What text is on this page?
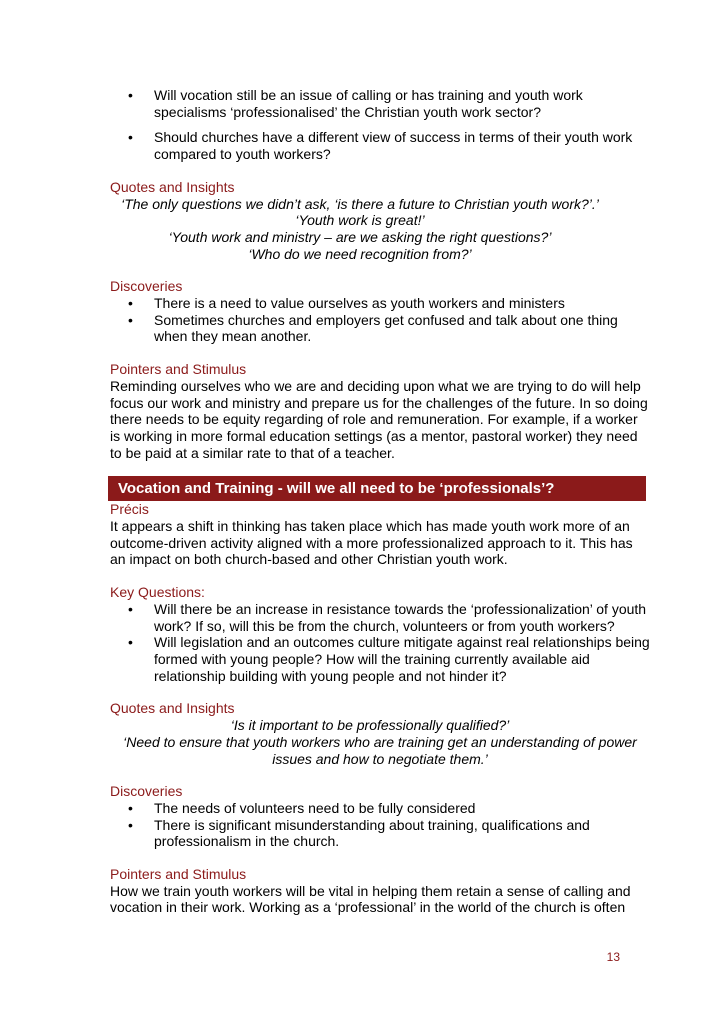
• Will vocation still be an issue of calling or has training and youth work specialisms ‘professionalised’ the Christian youth work sector?
• Should churches have a different view of success in terms of their youth work compared to youth workers?
Quotes and Insights
‘The only questions we didn’t ask, ‘is there a future to Christian youth work?’.’
‘Youth work is great!’
‘Youth work and ministry – are we asking the right questions?’
‘Who do we need recognition from?’
Discoveries
• There is a need to value ourselves as youth workers and ministers
• Sometimes churches and employers get confused and talk about one thing when they mean another.
Pointers and Stimulus

Reminding ourselves who we are and deciding upon what we are trying to do will help focus our work and ministry and prepare us for the challenges of the future. In so doing there needs to be equity regarding of role and remuneration. For example, if a worker is working in more formal education settings (as a mentor, pastoral worker) they need to be paid at a similar rate to that of a teacher.

Vocation and Training - will we all need to be ‘professionals’?
Précis

It appears a shift in thinking has taken place which has made youth work more of an outcome-driven activity aligned with a more professionalized approach to it. This has an impact on both church-based and other Christian youth work.

Key Questions:
• Will there be an increase in resistance towards the ‘professionalization’ of youth work? If so, will this be from the church, volunteers or from youth workers?
• Will legislation and an outcomes culture mitigate against real relationships being formed with young people? How will the training currently available aid relationship building with young people and not hinder it?
Quotes and Insights
‘Is it important to be professionally qualified?’
‘Need to ensure that youth workers who are training get an understanding of power issues and how to negotiate them.’
Discoveries
• The needs of volunteers need to be fully considered
• There is significant misunderstanding about training, qualifications and professionalism in the church.
Pointers and Stimulus

How we train youth workers will be vital in helping them retain a sense of calling and vocation in their work. Working as a ‘professional’ in the world of the church is often

13
